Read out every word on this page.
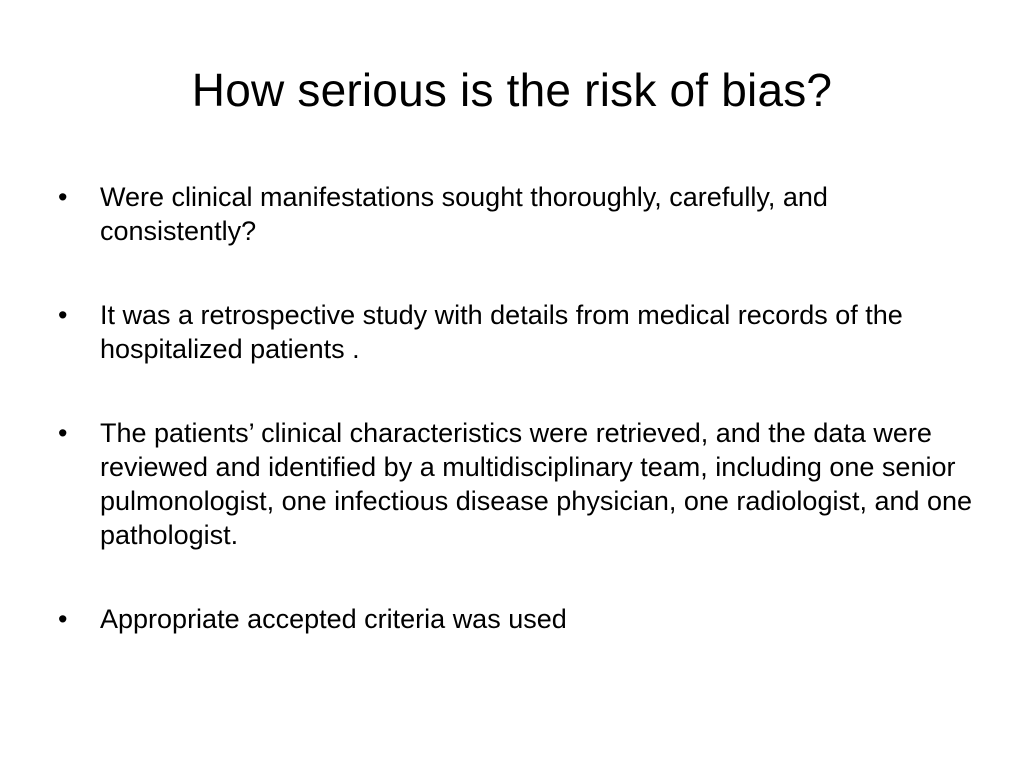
How serious is the risk of bias?
•	Were clinical manifestations sought thoroughly, carefully, and consistently?
•	It was a retrospective study with details from medical records of the hospitalized patients .
•	The patients’ clinical characteristics were retrieved, and the data were reviewed and identified by a multidisciplinary team, including one senior pulmonologist, one infectious disease physician, one radiologist, and one pathologist.
•	Appropriate accepted criteria was used
